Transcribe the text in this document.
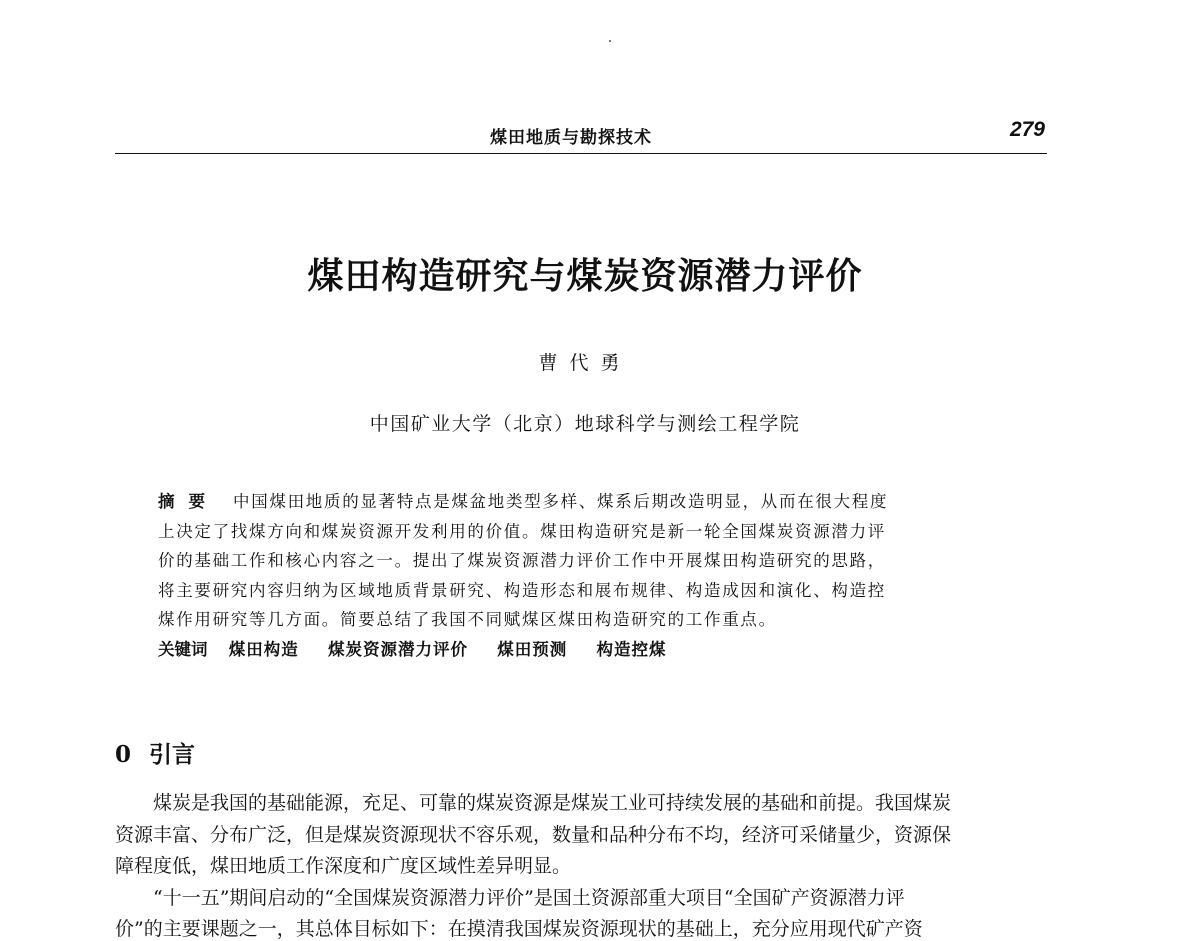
煤田地质与勘探技术	279
煤田构造研究与煤炭资源潜力评价
曹代勇
中国矿业大学（北京）地球科学与测绘工程学院
摘要 中国煤田地质的显著特点是煤盆地类型多样、煤系后期改造明显，从而在很大程度
上决定了找煤方向和煤炭资源开发利用的价值。煤田构造研究是新一轮全国煤炭资源潜力评
价的基础工作和核心内容之一。提出了煤炭资源潜力评价工作中开展煤田构造研究的思路，
将主要研究内容归纳为区域地质背景研究、构造形态和展布规律、构造成因和演化、构造控
煤作用研究等几方面。简要总结了我国不同赋煤区煤田构造研究的工作重点。
关键词 煤田构造 煤炭资源潜力评价 煤田预测 构造控煤
0 引言
煤炭是我国的基础能源，充足、可靠的煤炭资源是煤炭工业可持续发展的基础和前提。我国煤炭
资源丰富、分布广泛，但是煤炭资源现状不容乐观，数量和品种分布不均，经济可采储量少，资源保
障程度低，煤田地质工作深度和广度区域性差异明显。
“十一五”期间启动的“全国煤炭资源潜力评价”是国土资源部重大项目“全国矿产资源潜力评
价”的主要课题之一，其总体目标如下：在摸清我国煤炭资源现状的基础上，充分应用现代矿产资
